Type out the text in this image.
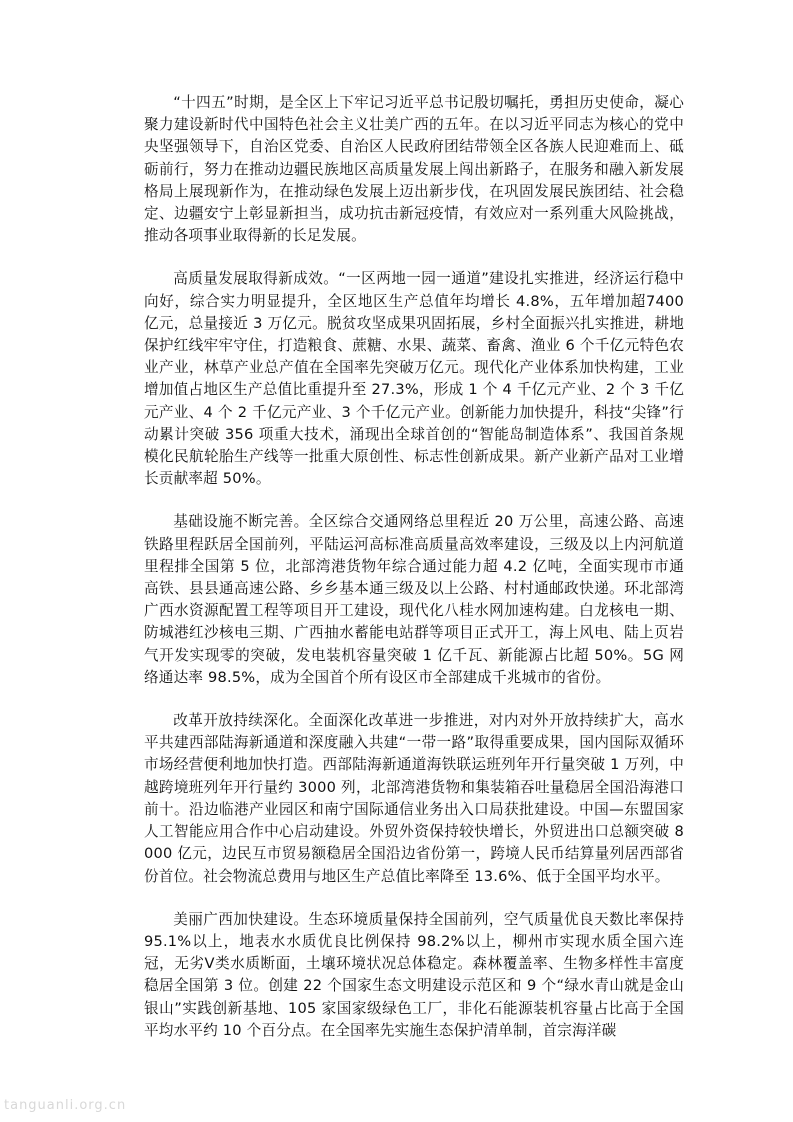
“十四五”时期，是全区上下牢记习近平总书记殷切嘱托，勇担历史使命，凝心聚力建设新时代中国特色社会主义壮美广西的五年。在以习近平同志为核心的党中央坚强领导下，自治区党委、自治区人民政府团结带领全区各族人民迎难而上、砥砺前行，努力在推动边疆民族地区高质量发展上闯出新路子，在服务和融入新发展格局上展现新作为，在推动绿色发展上迈出新步伐，在巩固发展民族团结、社会稳定、边疆安宁上彰显新担当，成功抗击新冠疫情，有效应对一系列重大风险挑战，推动各项事业取得新的长足发展。

高质量发展取得新成效。“一区两地一园一通道”建设扎实推进，经济运行稳中向好，综合实力明显提升，全区地区生产总值年均增长 4.8%，五年增加超7400 亿元，总量接近 3 万亿元。脱贫攻坚成果巩固拓展，乡村全面振兴扎实推进，耕地保护红线牢牢守住，打造粮食、蔗糖、水果、蔬菜、畜禽、渔业 6 个千亿元特色农业产业，林草产业总产值在全国率先突破万亿元。现代化产业体系加快构建，工业增加值占地区生产总值比重提升至 27.3%，形成 1 个 4 千亿元产业、2 个 3 千亿元产业、4 个 2 千亿元产业、3 个千亿元产业。创新能力加快提升，科技“尖锋”行动累计突破 356 项重大技术，涌现出全球首创的“智能岛制造体系”、我国首条规模化民航轮胎生产线等一批重大原创性、标志性创新成果。新产业新产品对工业增长贡献率超 50%。

基础设施不断完善。全区综合交通网络总里程近 20 万公里，高速公路、高速铁路里程跃居全国前列，平陆运河高标准高质量高效率建设，三级及以上内河航道里程排全国第 5 位，北部湾港货物年综合通过能力超 4.2 亿吨，全面实现市市通高铁、县县通高速公路、乡乡基本通三级及以上公路、村村通邮政快递。环北部湾广西水资源配置工程等项目开工建设，现代化八桂水网加速构建。白龙核电一期、防城港红沙核电三期、广西抽水蓄能电站群等项目正式开工，海上风电、陆上页岩气开发实现零的突破，发电装机容量突破 1 亿千瓦、新能源占比超 50%。5G 网络通达率 98.5%，成为全国首个所有设区市全部建成千兆城市的省份。

改革开放持续深化。全面深化改革进一步推进，对内对外开放持续扩大，高水平共建西部陆海新通道和深度融入共建“一带一路”取得重要成果，国内国际双循环市场经营便利地加快打造。西部陆海新通道海铁联运班列年开行量突破 1 万列，中越跨境班列年开行量约 3000 列，北部湾港货物和集装箱吞吐量稳居全国沿海港口前十。沿边临港产业园区和南宁国际通信业务出入口局获批建设。中国—东盟国家人工智能应用合作中心启动建设。外贸外资保持较快增长，外贸进出口总额突破 8000 亿元，边民互市贸易额稳居全国沿边省份第一，跨境人民币结算量列居西部省份首位。社会物流总费用与地区生产总值比率降至 13.6%、低于全国平均水平。

美丽广西加快建设。生态环境质量保持全国前列，空气质量优良天数比率保持 95.1%以上，地表水水质优良比例保持 98.2%以上，柳州市实现水质全国六连冠，无劣Ⅴ类水质断面，土壤环境状况总体稳定。森林覆盖率、生物多样性丰富度稳居全国第 3 位。创建 22 个国家生态文明建设示范区和 9 个“绿水青山就是金山银山”实践创新基地、105 家国家级绿色工厂，非化石能源装机容量占比高于全国平均水平约 10 个百分点。在全国率先实施生态保护清单制，首宗海洋碳

tanguanli.org.cn
